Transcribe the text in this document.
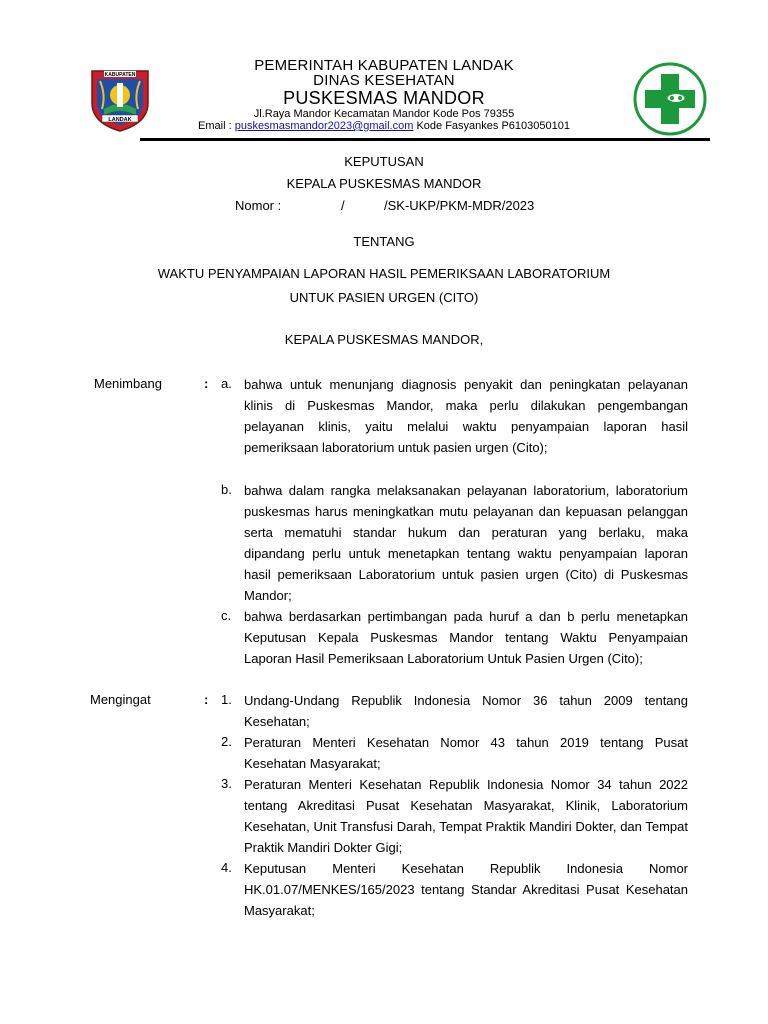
LANDAK
KABUPATEN
PEMERINTAH KABUPATEN LANDAK
DINAS KESEHATAN
PUSKESMAS MANDOR
Jl.Raya Mandor Kecamatan Mandor Kode Pos 79355
Email : puskesmasmandor2023@gmail.com Kode Fasyankes P6103050101
KEPUTUSAN
KEPALA PUSKESMAS MANDOR
Nomor :	/	/SK-UKP/PKM-MDR/2023
TENTANG
WAKTU PENYAMPAIAN LAPORAN HASIL PEMERIKSAAN LABORATORIUM
UNTUK PASIEN URGEN (CITO)
KEPALA PUSKESMAS MANDOR,
Menimbang	: a. bahwa untuk menunjang diagnosis penyakit dan peningkatan pelayanan klinis di Puskesmas Mandor, maka perlu dilakukan pengembangan pelayanan klinis, yaitu melalui waktu penyampaian laporan hasil pemeriksaan laboratorium untuk pasien urgen (Cito);
b. bahwa dalam rangka melaksanakan pelayanan laboratorium, laboratorium puskesmas harus meningkatkan mutu pelayanan dan kepuasan pelanggan serta mematuhi standar hukum dan peraturan yang berlaku, maka dipandang perlu untuk menetapkan tentang waktu penyampaian laporan hasil pemeriksaan Laboratorium untuk pasien urgen (Cito) di Puskesmas Mandor;
c. bahwa berdasarkan pertimbangan pada huruf a dan b perlu menetapkan Keputusan Kepala Puskesmas Mandor tentang Waktu Penyampaian Laporan Hasil Pemeriksaan Laboratorium Untuk Pasien Urgen (Cito);
Mengingat	: 1. Undang-Undang Republik Indonesia Nomor 36 tahun 2009 tentang Kesehatan;
2. Peraturan Menteri Kesehatan Nomor 43 tahun 2019 tentang Pusat Kesehatan Masyarakat;
3. Peraturan Menteri Kesehatan Republik Indonesia Nomor 34 tahun 2022 tentang Akreditasi Pusat Kesehatan Masyarakat, Klinik, Laboratorium Kesehatan, Unit Transfusi Darah, Tempat Praktik Mandiri Dokter, dan Tempat Praktik Mandiri Dokter Gigi;
4. Keputusan Menteri Kesehatan Republik Indonesia Nomor HK.01.07/MENKES/165/2023 tentang Standar Akreditasi Pusat Kesehatan Masyarakat;
